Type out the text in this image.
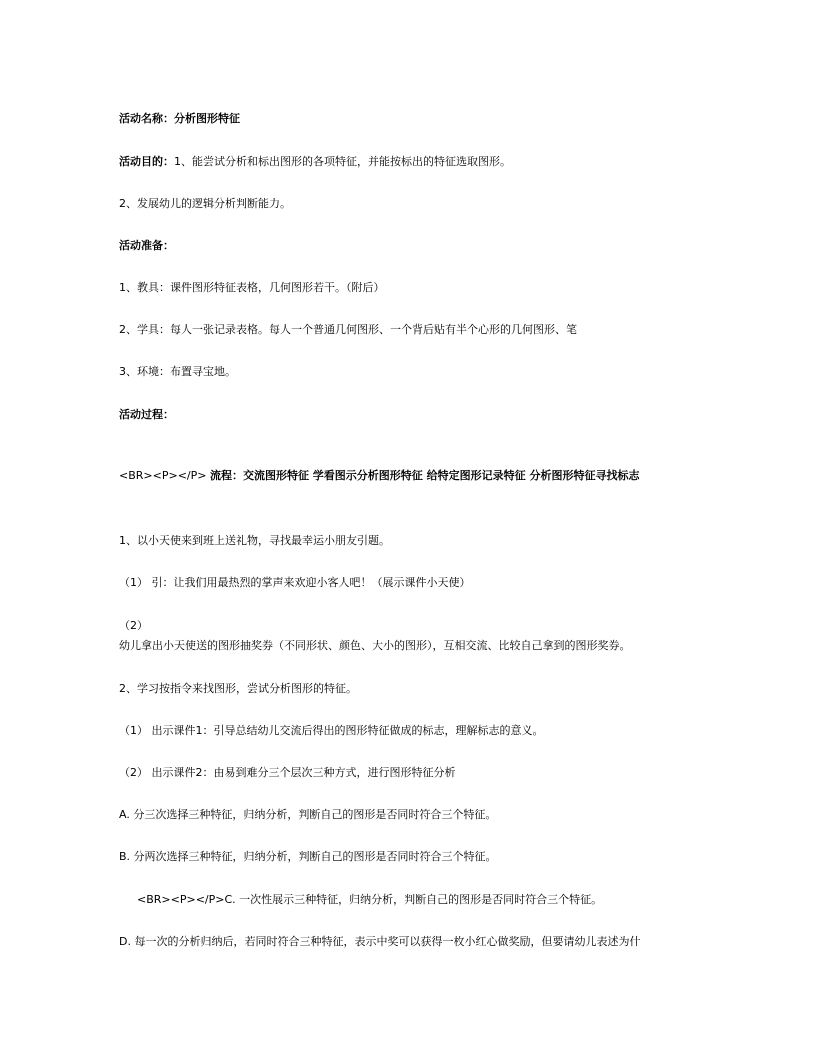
活动名称：分析图形特征
活动目的：1、能尝试分析和标出图形的各项特征，并能按标出的特征选取图形。
2、发展幼儿的逻辑分析判断能力。
活动准备：
1、教具：课件图形特征表格，几何图形若干。（附后）
2、学具：每人一张记录表格。每人一个普通几何图形、一个背后贴有半个心形的几何图形、笔
3、环境：布置寻宝地。
活动过程：
<BR><P></P> 流程：交流图形特征 学看图示分析图形特征 给特定图形记录特征 分析图形特征寻找标志
1、以小天使来到班上送礼物，寻找最幸运小朋友引题。
（1） 引：让我们用最热烈的掌声来欢迎小客人吧！（展示课件小天使）
（2）
幼儿拿出小天使送的图形抽奖券（不同形状、颜色、大小的图形），互相交流、比较自己拿到的图形奖券。
2、学习按指令来找图形，尝试分析图形的特征。
（1） 出示课件1：引导总结幼儿交流后得出的图形特征做成的标志，理解标志的意义。
（2） 出示课件2：由易到难分三个层次三种方式，进行图形特征分析
A. 分三次选择三种特征，归纳分析，判断自己的图形是否同时符合三个特征。
B. 分两次选择三种特征，归纳分析，判断自己的图形是否同时符合三个特征。
<BR><P></P>C. 一次性展示三种特征，归纳分析，判断自己的图形是否同时符合三个特征。
D. 每一次的分析归纳后，若同时符合三种特征，表示中奖可以获得一枚小红心做奖励，但要请幼儿表述为什
